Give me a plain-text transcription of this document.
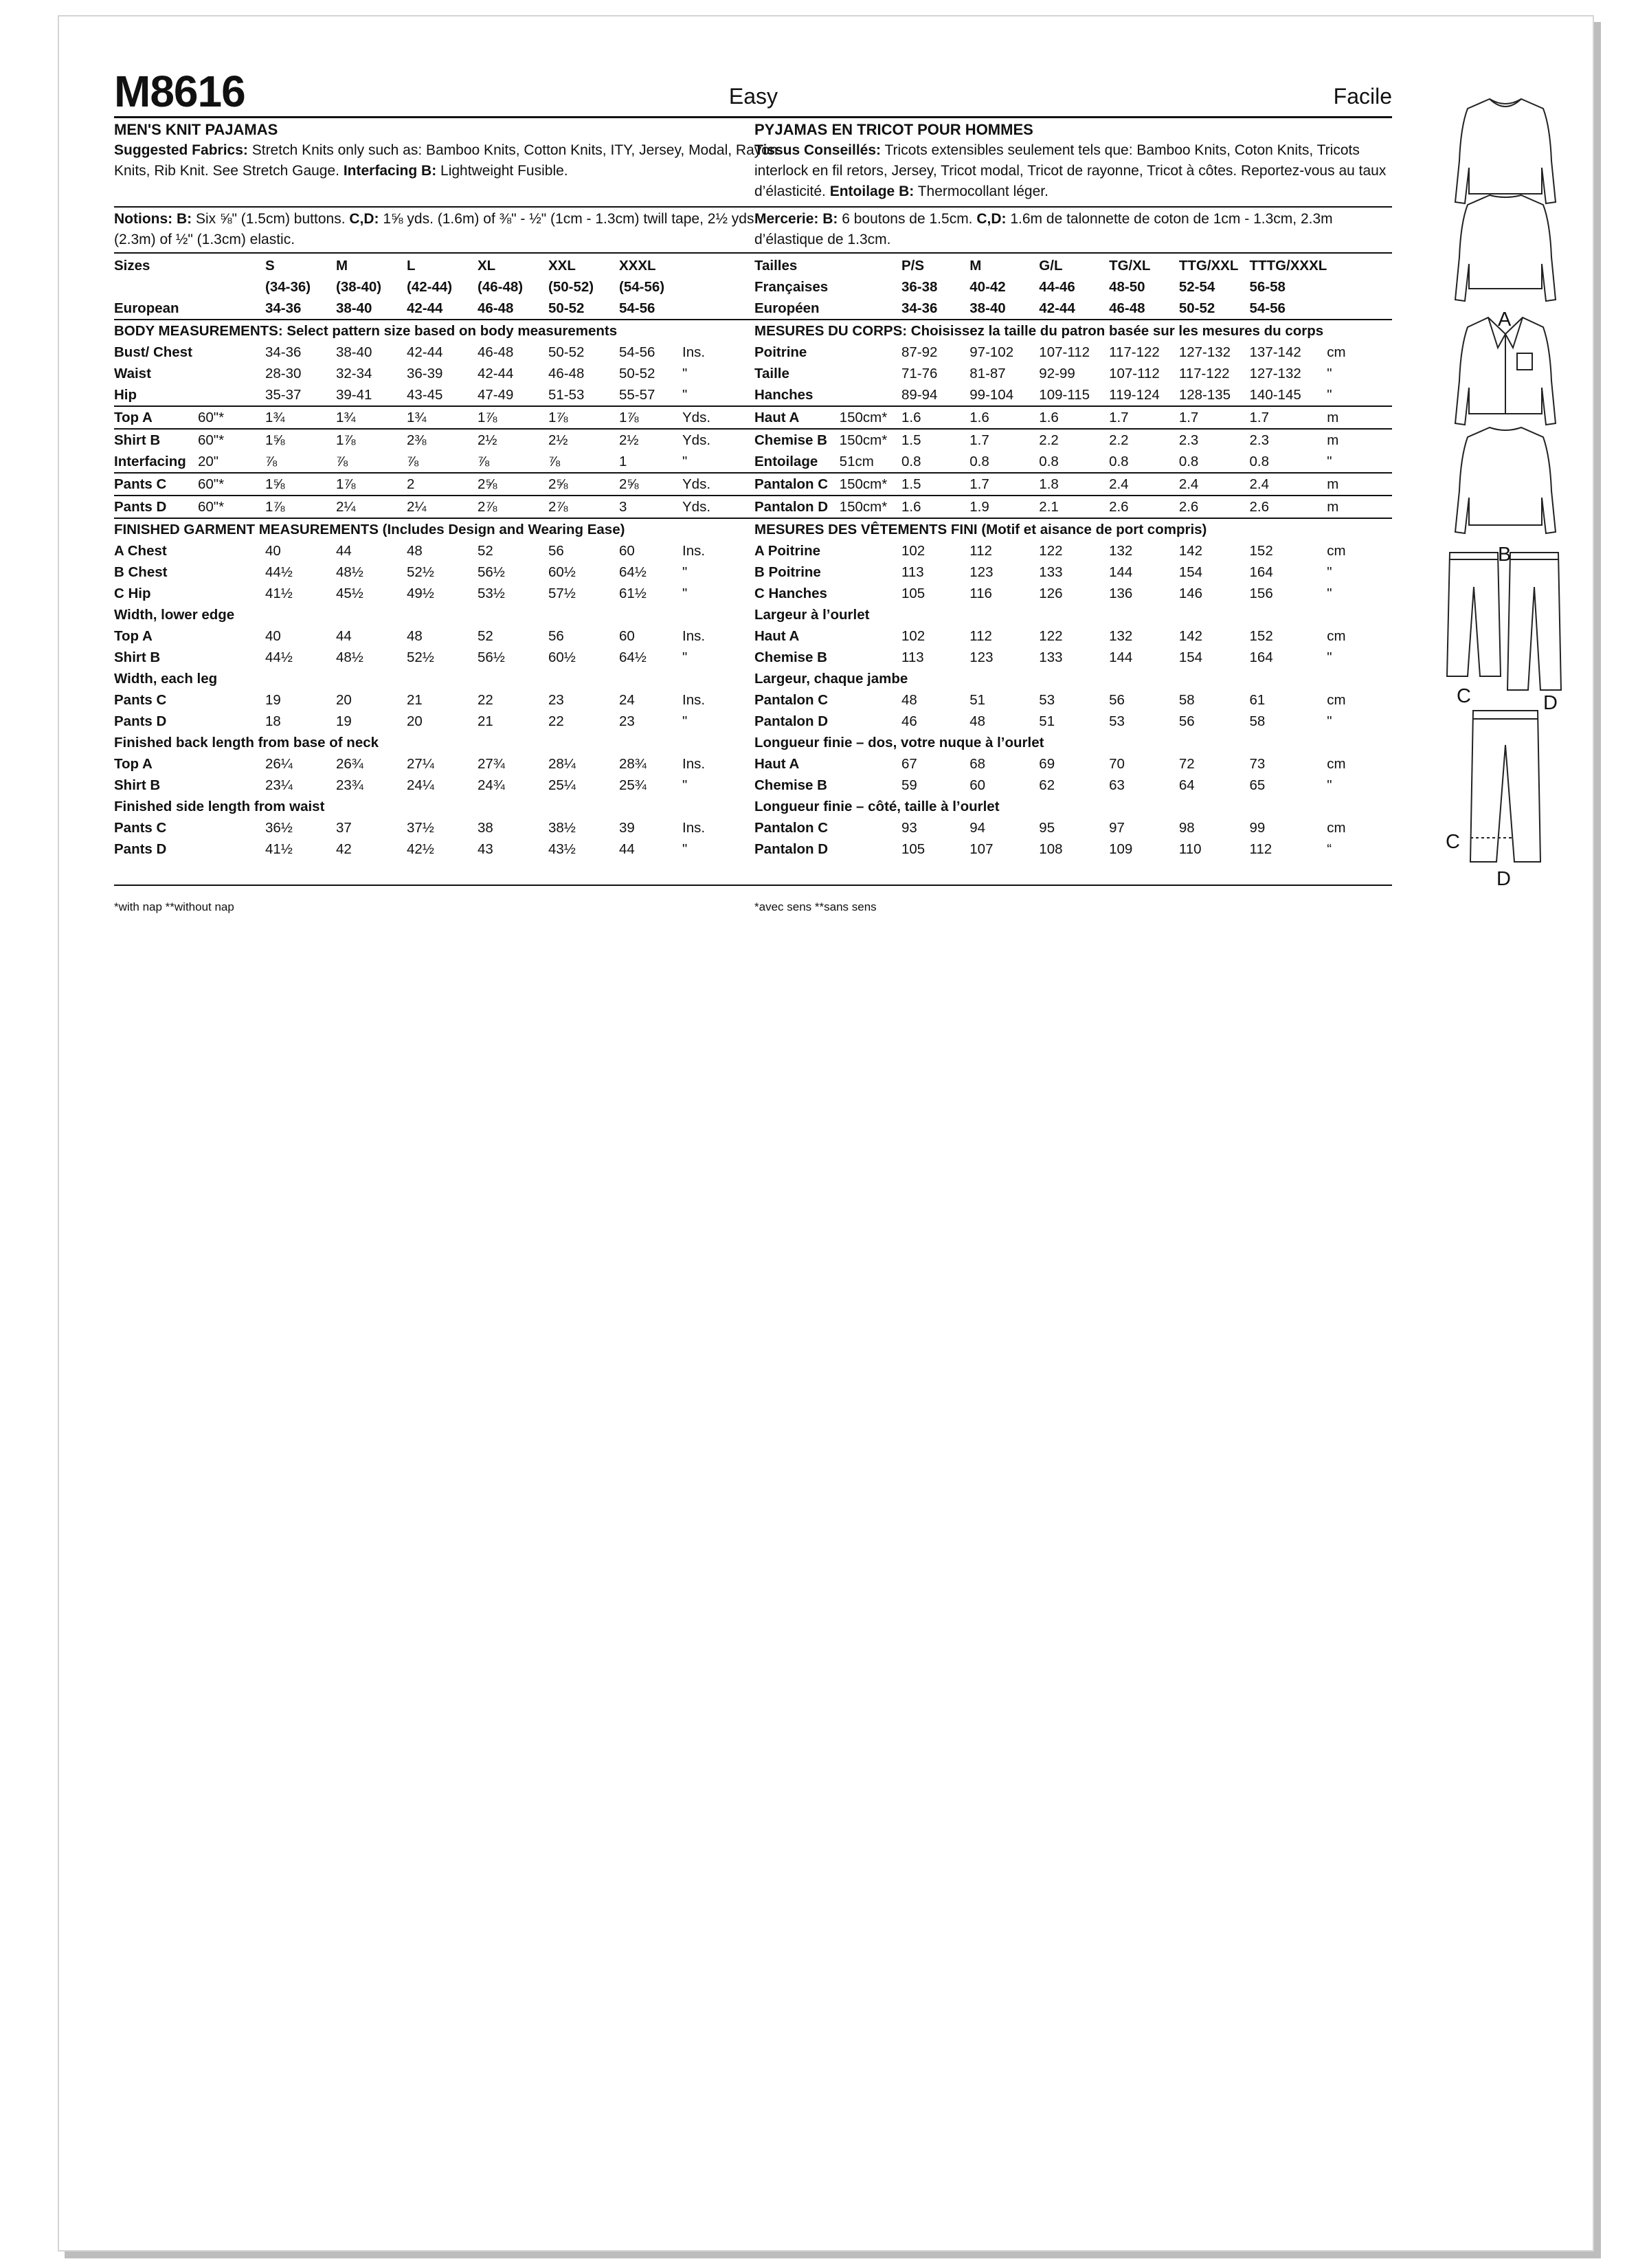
M8616	Easy
MEN'S KNIT PAJAMAS
Suggested Fabrics: Stretch Knits only such as: Bamboo Knits, Cotton Knits, ITY, Jersey, Modal, Rayon Knits, Rib Knit. See Stretch Gauge. Interfacing B: Lightweight Fusible.
Notions: B: Six ⅝" (1.5cm) buttons. C,D: 1⅝ yds. (1.6m) of ⅜" - ½" (1cm - 1.3cm) twill tape, 2½ yds. (2.3m) of ½" (1.3cm) elastic.
Sizes		S	M	L	XL	XXL	XXXL	
		(34-36)	(38-40)	(42-44)	(46-48)	(50-52)	(54-56)	
European		34-36	38-40	42-44	46-48	50-52	54-56	
BODY MEASUREMENTS: Select pattern size based on body measurements								
Bust/ Chest		34-36	38-40	42-44	46-48	50-52	54-56	Ins.
Waist		28-30	32-34	36-39	42-44	46-48	50-52	"
Hip		35-37	39-41	43-45	47-49	51-53	55-57	"
Top A	60"*	1¾	1¾	1¾	1⅞	1⅞	1⅞	Yds.
Shirt B	60"*	1⅝	1⅞	2⅜	2½	2½	2½	Yds.
Interfacing	20"	⅞	⅞	⅞	⅞	⅞	1	"
Pants C	60"*	1⅝	1⅞	2	2⅝	2⅝	2⅝	Yds.
Pants D	60"*	1⅞	2¼	2¼	2⅞	2⅞	3	Yds.
FINISHED GARMENT MEASUREMENTS (Includes Design and Wearing Ease)								
A Chest		40	44	48	52	56	60	Ins.
B Chest		44½	48½	52½	56½	60½	64½	"
C Hip		41½	45½	49½	53½	57½	61½	"
Width, lower edge								
Top A		40	44	48	52	56	60	Ins.
Shirt B		44½	48½	52½	56½	60½	64½	"
Width, each leg								
Pants C		19	20	21	22	23	24	Ins.
Pants D		18	19	20	21	22	23	"
Finished back length from base of neck								
Top A		26¼	26¾	27¼	27¾	28¼	28¾	Ins.
Shirt B		23¼	23¾	24¼	24¾	25¼	25¾	"
Finished side length from waist								
Pants C		36½	37	37½	38	38½	39	Ins.
Pants D		41½	42	42½	43	43½	44	"
*with nap **without nap
Facile
PYJAMAS EN TRICOT POUR HOMMES
Tissus Conseillés: Tricots extensibles seulement tels que: Bamboo Knits, Coton Knits, Tricots interlock en fil retors, Jersey, Tricot modal, Tricot de rayonne, Tricot à côtes. Reportez-vous au taux d’élasticité. Entoilage B: Thermocollant léger.
Mercerie: B: 6 boutons de 1.5cm. C,D: 1.6m de talonnette de coton de 1cm - 1.3cm, 2.3m d’élastique de 1.3cm.
Tailles		P/S	M	G/L	TG/XL	TTG/XXL	TTTG/XXXL	
Françaises		36-38	40-42	44-46	48-50	52-54	56-58	
Européen		34-36	38-40	42-44	46-48	50-52	54-56	
MESURES DU CORPS: Choisissez la taille du patron basée sur les mesures du corps								
Poitrine		87-92	97-102	107-112	117-122	127-132	137-142	cm
Taille		71-76	81-87	92-99	107-112	117-122	127-132	"
Hanches		89-94	99-104	109-115	119-124	128-135	140-145	"
Haut A	150cm*	1.6	1.6	1.6	1.7	1.7	1.7	m
Chemise B	150cm*	1.5	1.7	2.2	2.2	2.3	2.3	m
Entoilage	51cm	0.8	0.8	0.8	0.8	0.8	0.8	"
Pantalon C	150cm*	1.5	1.7	1.8	2.4	2.4	2.4	m
Pantalon D	150cm*	1.6	1.9	2.1	2.6	2.6	2.6	m
MESURES DES VÊTEMENTS FINI (Motif et aisance de port compris)								
A Poitrine		102	112	122	132	142	152	cm
B Poitrine		113	123	133	144	154	164	"
C Hanches		105	116	126	136	146	156	"
Largeur à l’ourlet								
Haut A		102	112	122	132	142	152	cm
Chemise B		113	123	133	144	154	164	"
Largeur, chaque jambe								
Pantalon C		48	51	53	56	58	61	cm
Pantalon D		46	48	51	53	56	58	"
Longueur finie – dos, votre nuque à l’ourlet								
Haut A		67	68	69	70	72	73	cm
Chemise B		59	60	62	63	64	65	"
Longueur finie – côté, taille à l’ourlet								
Pantalon C		93	94	95	97	98	99	cm
Pantalon D		105	107	108	109	110	112	“
*avec sens **sans sens
A
B
C	D
C
D
